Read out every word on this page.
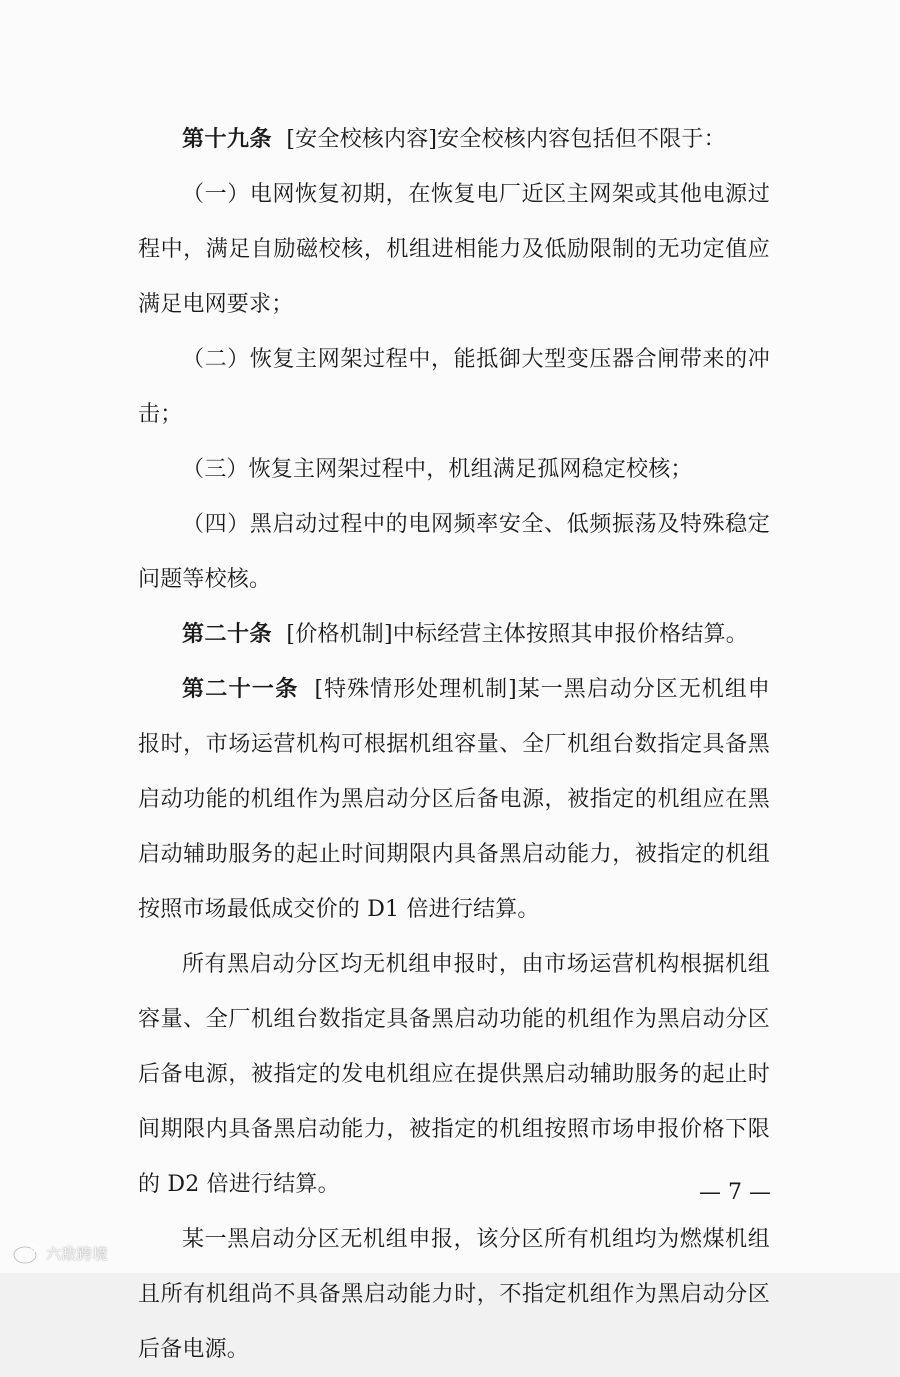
第十九条 [安全校核内容]安全校核内容包括但不限于：

（一）电网恢复初期，在恢复电厂近区主网架或其他电源过程中，满足自励磁校核，机组进相能力及低励限制的无功定值应满足电网要求；

（二）恢复主网架过程中，能抵御大型变压器合闸带来的冲击；

（三）恢复主网架过程中，机组满足孤网稳定校核；

（四）黑启动过程中的电网频率安全、低频振荡及特殊稳定问题等校核。

第二十条 [价格机制]中标经营主体按照其申报价格结算。

第二十一条 [特殊情形处理机制]某一黑启动分区无机组申报时，市场运营机构可根据机组容量、全厂机组台数指定具备黑启动功能的机组作为黑启动分区后备电源，被指定的机组应在黑启动辅助服务的起止时间期限内具备黑启动能力，被指定的机组按照市场最低成交价的 D1 倍进行结算。

所有黑启动分区均无机组申报时，由市场运营机构根据机组容量、全厂机组台数指定具备黑启动功能的机组作为黑启动分区后备电源，被指定的发电机组应在提供黑启动辅助服务的起止时间期限内具备黑启动能力，被指定的机组按照市场申报价格下限的 D2 倍进行结算。

某一黑启动分区无机组申报，该分区所有机组均为燃煤机组且所有机组尚不具备黑启动能力时，不指定机组作为黑启动分区后备电源。

— 7 —
六敌跨境
